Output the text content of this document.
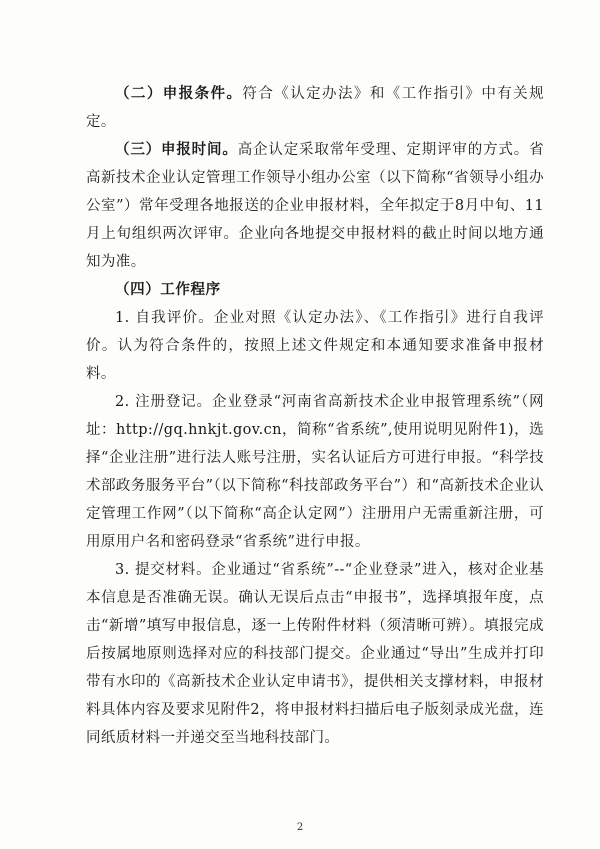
（二）申报条件。符合《认定办法》和《工作指引》中有关规定。

（三）申报时间。高企认定采取常年受理、定期评审的方式。省高新技术企业认定管理工作领导小组办公室（以下简称“省领导小组办公室”）常年受理各地报送的企业申报材料，全年拟定于8月中旬、11月上旬组织两次评审。企业向各地提交申报材料的截止时间以地方通知为准。

（四）工作程序

1. 自我评价。企业对照《认定办法》、《工作指引》进行自我评价。认为符合条件的，按照上述文件规定和本通知要求准备申报材料。

2. 注册登记。企业登录“河南省高新技术企业申报管理系统”（网址：http://gq.hnkjt.gov.cn，简称“省系统”,使用说明见附件1)，选择“企业注册”进行法人账号注册，实名认证后方可进行申报。“科学技术部政务服务平台”（以下简称“科技部政务平台”）和“高新技术企业认定管理工作网”（以下简称“高企认定网”）注册用户无需重新注册，可用原用户名和密码登录“省系统”进行申报。

3. 提交材料。企业通过“省系统”--“企业登录”进入，核对企业基本信息是否准确无误。确认无误后点击“申报书”，选择填报年度，点击“新增”填写申报信息，逐一上传附件材料（须清晰可辨）。填报完成后按属地原则选择对应的科技部门提交。企业通过“导出”生成并打印带有水印的《高新技术企业认定申请书》，提供相关支撑材料，申报材料具体内容及要求见附件2，将申报材料扫描后电子版刻录成光盘，连同纸质材料一并递交至当地科技部门。

2
